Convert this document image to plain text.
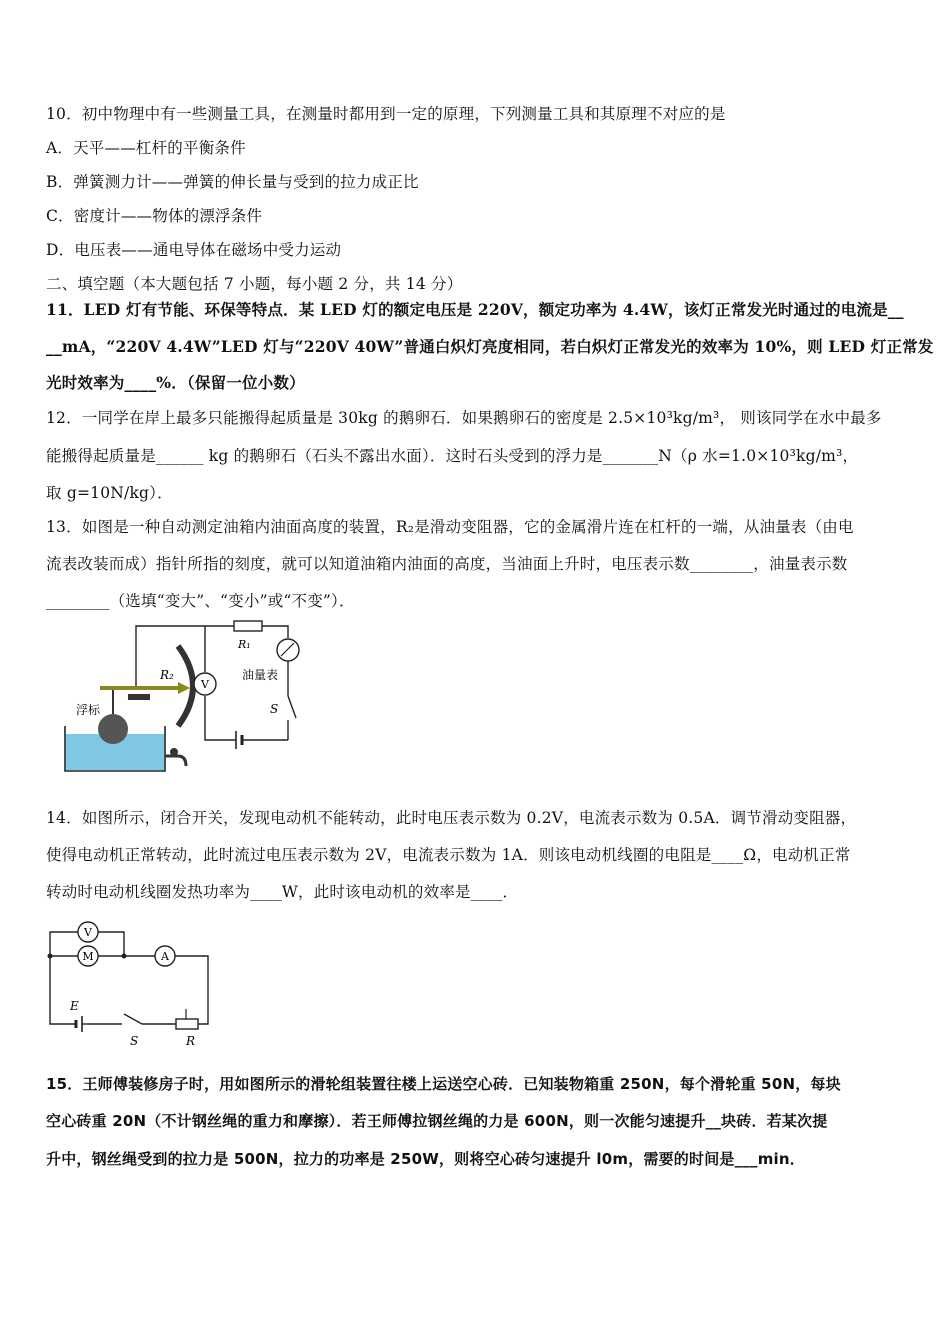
10．初中物理中有一些测量工具，在测量时都用到一定的原理，下列测量工具和其原理不对应的是
A．天平——杠杆的平衡条件
B．弹簧测力计——弹簧的伸长量与受到的拉力成正比
C．密度计——物体的漂浮条件
D．电压表——通电导体在磁场中受力运动
二、填空题（本大题包括 7 小题，每小题 2 分，共 14 分）
11．LED 灯有节能、环保等特点．某 LED 灯的额定电压是 220V，额定功率为 4.4W，该灯正常发光时通过的电流是__
__mA，“220V 4.4W”LED 灯与“220V 40W”普通白炽灯亮度相同，若白炽灯正常发光的效率为 10%，则 LED 灯正常发
光时效率为____%．（保留一位小数）
12．一同学在岸上最多只能搬得起质量是 30kg 的鹅卵石．如果鹅卵石的密度是 2.5×10³kg/m³， 则该同学在水中最多
能搬得起质量是______ kg 的鹅卵石（石头不露出水面）．这时石头受到的浮力是_______N（ρ 水=1.0×10³kg/m³，
取 g=10N/kg）．
13．如图是一种自动测定油箱内油面高度的装置，R₂是滑动变阻器，它的金属滑片连在杠杆的一端，从油量表（由电
流表改装而成）指针所指的刻度，就可以知道油箱内油面的高度，当油面上升时，电压表示数________，油量表示数
________（选填“变大”、“变小”或“不变”）．
R₂
V
R₁
油量表
S
浮标
14．如图所示，闭合开关，发现电动机不能转动，此时电压表示数为 0.2V，电流表示数为 0.5A．调节滑动变阻器，
使得电动机正常转动，此时流过电压表示数为 2V，电流表示数为 1A．则该电动机线圈的电阻是____Ω，电动机正常
转动时电动机线圈发热功率为____W，此时该电动机的效率是____．
V
M	A
R
S
E
15．王师傅装修房子时，用如图所示的滑轮组装置往楼上运送空心砖．已知装物箱重 250N，每个滑轮重 50N，每块
空心砖重 20N（不计钢丝绳的重力和摩擦）．若王师傅拉钢丝绳的力是 600N，则一次能匀速提升__块砖．若某次提
升中，钢丝绳受到的拉力是 500N，拉力的功率是 250W，则将空心砖匀速提升 l0m，需要的时间是___min．
